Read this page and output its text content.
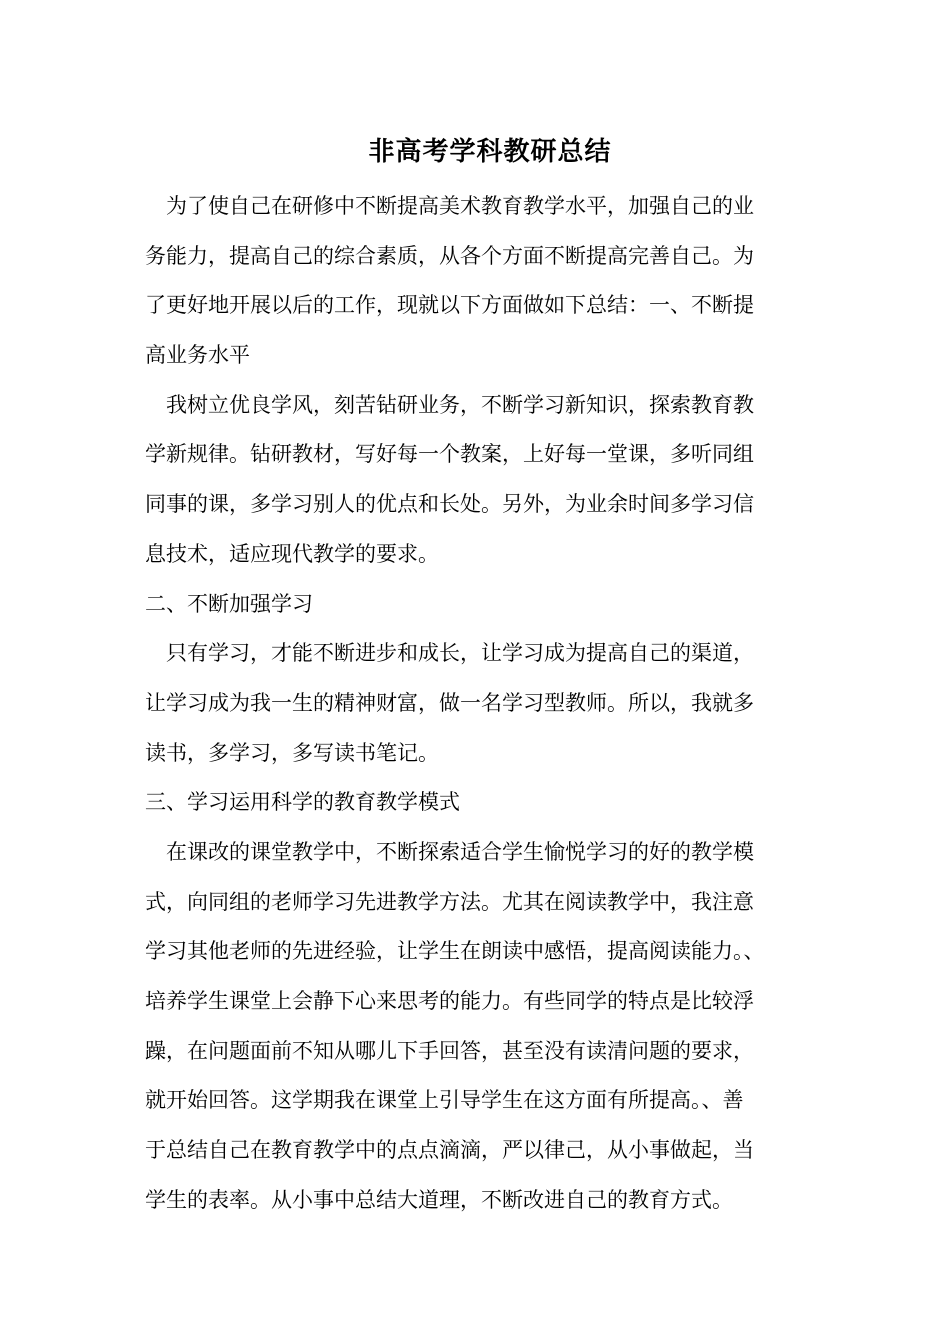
非高考学科教研总结
　为了使自己在研修中不断提高美术教育教学水平，加强自己的业
务能力，提高自己的综合素质，从各个方面不断提高完善自己。为
了更好地开展以后的工作，现就以下方面做如下总结：一、不断提
高业务水平
　我树立优良学风，刻苦钻研业务，不断学习新知识，探索教育教
学新规律。钻研教材，写好每一个教案，上好每一堂课，多听同组
同事的课，多学习别人的优点和长处。另外，为业余时间多学习信
息技术，适应现代教学的要求。
二、不断加强学习
　只有学习，才能不断进步和成长，让学习成为提高自己的渠道，
让学习成为我一生的精神财富，做一名学习型教师。所以，我就多
读书，多学习，多写读书笔记。
三、学习运用科学的教育教学模式
　在课改的课堂教学中，不断探索适合学生愉悦学习的好的教学模
式，向同组的老师学习先进教学方法。尤其在阅读教学中，我注意
学习其他老师的先进经验，让学生在朗读中感悟，提高阅读能力。、
培养学生课堂上会静下心来思考的能力。有些同学的特点是比较浮
躁，在问题面前不知从哪儿下手回答，甚至没有读清问题的要求，
就开始回答。这学期我在课堂上引导学生在这方面有所提高。、善
于总结自己在教育教学中的点点滴滴，严以律己，从小事做起，当
学生的表率。从小事中总结大道理，不断改进自己的教育方式。
